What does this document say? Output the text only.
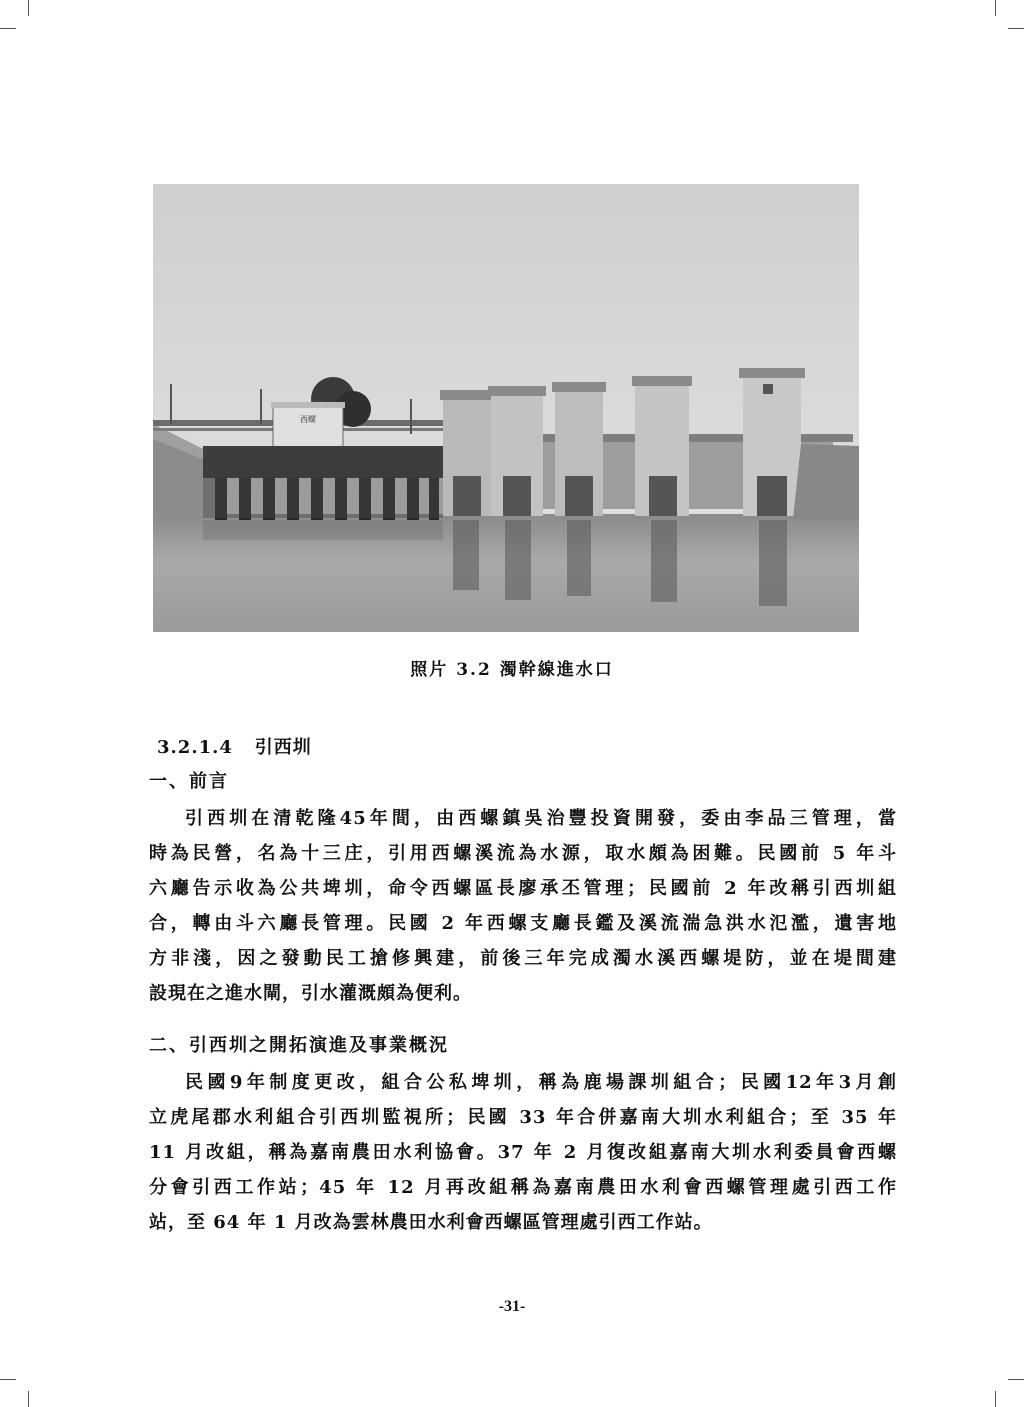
西螺
照片 3.2 濁幹線進水口
3.2.1.4   引西圳
一、前言
引西圳在清乾隆45年間，由西螺鎮吳治豐投資開發，委由李品三管理，當
時為民營，名為十三庄，引用西螺溪流為水源，取水頗為困難。民國前 5 年斗
六廳告示收為公共埤圳，命令西螺區長廖承丕管理；民國前 2 年改稱引西圳組
合，轉由斗六廳長管理。民國 2 年西螺支廳長鑑及溪流湍急洪水氾濫，遺害地
方非淺，因之發動民工搶修興建，前後三年完成濁水溪西螺堤防，並在堤間建
設現在之進水閘，引水灌溉頗為便利。
二、引西圳之開拓演進及事業概況
民國9年制度更改，組合公私埤圳，稱為鹿場課圳組合；民國12年3月創
立虎尾郡水利組合引西圳監視所；民國 33 年合併嘉南大圳水利組合；至 35 年
11 月改組，稱為嘉南農田水利協會。37 年 2 月復改組嘉南大圳水利委員會西螺
分會引西工作站；45 年 12 月再改組稱為嘉南農田水利會西螺管理處引西工作
站，至 64 年 1 月改為雲林農田水利會西螺區管理處引西工作站。
-31-
